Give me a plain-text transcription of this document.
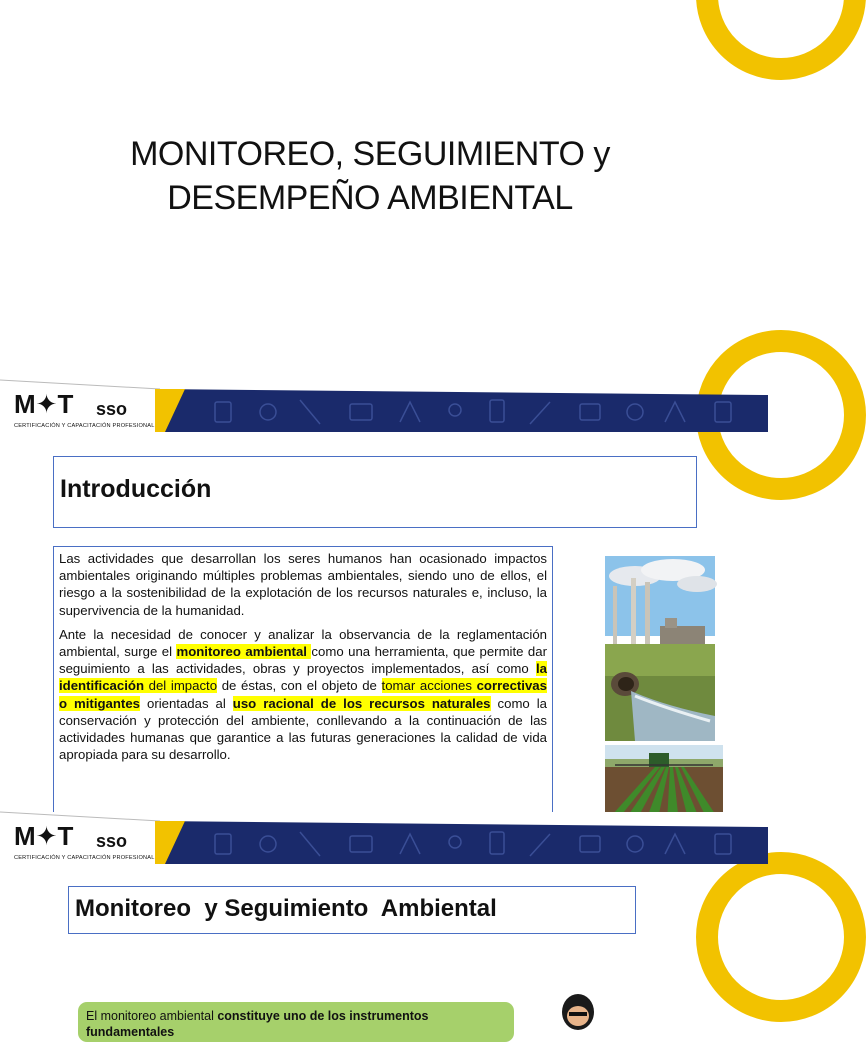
MONITOREO, SEGUIMIENTO y
DESEMPEÑO AMBIENTAL
M✦T sso
CERTIFICACIÓN Y CAPACITACIÓN PROFESIONAL
Introducción

Las actividades que desarrollan los seres humanos han ocasionado impactos ambientales originando múltiples problemas ambientales, siendo uno de ellos, el riesgo a la sostenibilidad de la explotación de los recursos naturales e, incluso, la supervivencia de la humanidad.

Ante la necesidad de conocer y analizar la observancia de la reglamentación ambiental, surge el monitoreo ambiental como una herramienta, que permite dar seguimiento a las actividades, obras y proyectos implementados, así como la identificación del impacto de éstas, con el objeto de tomar acciones correctivas o mitigantes orientadas al uso racional de los recursos naturales como la conservación y protección del ambiente, conllevando a la continuación de las actividades humanas que garantice a las futuras generaciones la calidad de vida apropiada para su desarrollo.

M✦T sso
CERTIFICACIÓN Y CAPACITACIÓN PROFESIONAL
Monitoreo  y Seguimiento  Ambiental
El monitoreo ambiental constituye uno de los instrumentos fundamentales
